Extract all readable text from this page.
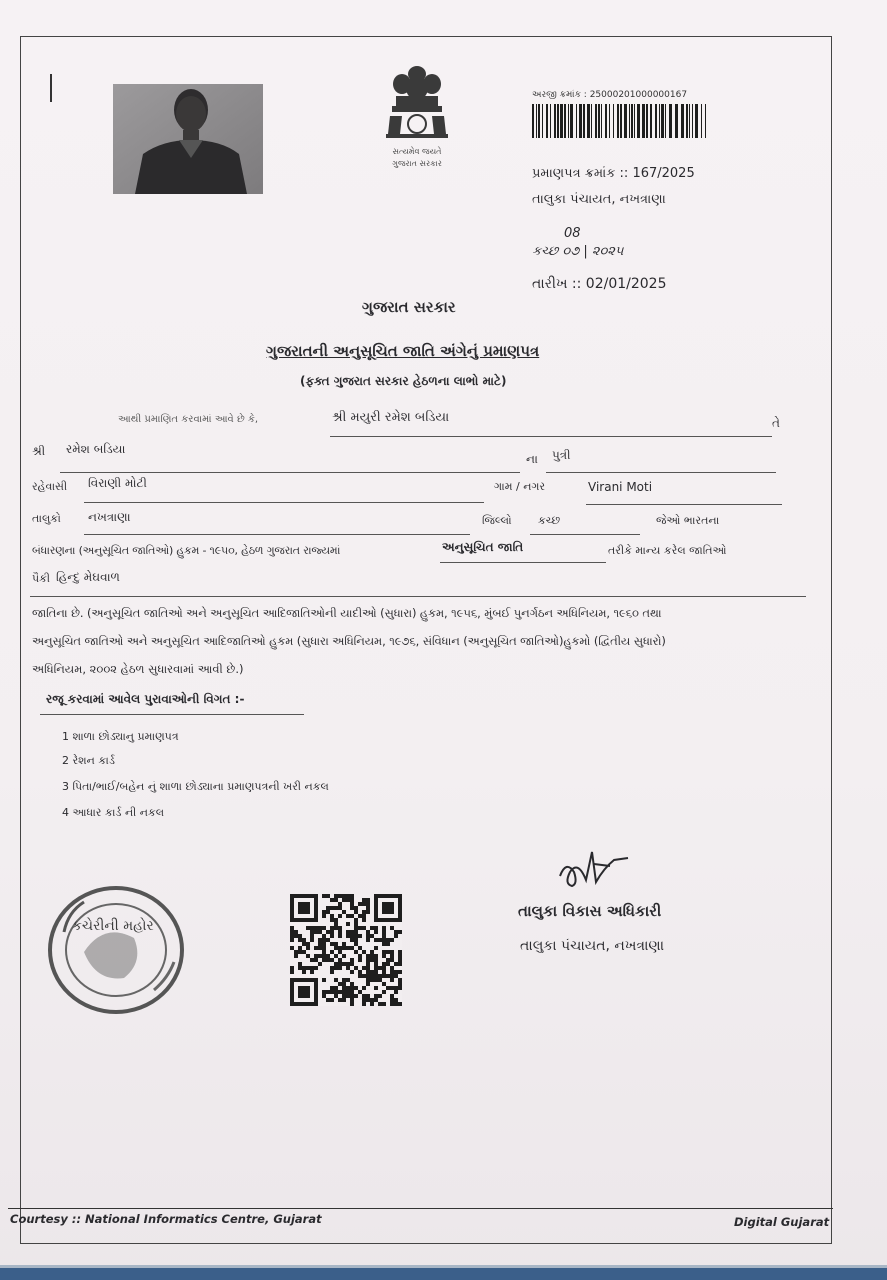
સત્યમેવ જયતે
ગુજરાત સરકાર
અરજી ક્રમાંક : 25000201000000167
પ્રમાણપત્ર ક્રમાંક :: 167/2025
તાલુકા પંચાયત, નખત્રાણા
08
કચ્છ ૦૭ | ૨૦૨૫
તારીખ :: 02/01/2025
ગુજરાત સરકાર
ગુજરાતની અનુસૂચિત જાતિ અંગેનું પ્રમાણપત્ર
(ફક્ત ગુજરાત સરકાર હેઠળના લાભો માટે)
આથી પ્રમાણિત કરવામાં આવે છે કે,	શ્રી મયુરી રમેશ બડિયા	તે
શ્રી રમેશ બડિયા
ના પુત્રી
રહેવાસી વિરાણી મોટી	ગામ / નગર	Virani Moti
તાલુકો નખત્રાણા	જિલ્લો કચ્છ	જેઓ ભારતના
બંધારણના (અનુસૂચિત જાતિઓ) હુકમ - ૧૯૫૦, હેઠળ ગુજરાત રાજ્યમાં	અનુસૂચિત જાતિ	તરીકે માન્ય કરેલ જાતિઓ
પૈકી હિન્દુ મેઘવાળ
જાતિના છે. (અનુસૂચિત જાતિઓ અને અનુસૂચિત આદિજાતિઓની યાદીઓ (સુધારા) હુકમ, ૧૯૫૬, મુંબઈ પુનર્ગઠન અધિનિયમ, ૧૯૬૦ તથા
અનુસૂચિત જાતિઓ અને અનુસૂચિત આદિજાતિઓ હુકમ (સુધારા અધિનિયમ, ૧૯૭૬, સંવિધાન (અનુસૂચિત જાતિઓ)હુકમો (દ્વિતીય સુધારો)
અધિનિયમ, ૨૦૦૨ હેઠળ સુધારવામાં આવી છે.)
રજૂ કરવામાં આવેલ પુરાવાઓની વિગત :-
1 શાળા છોડ્યાનુ પ્રમાણપત્ર
2 રેશન કાર્ડ
3 પિતા/ભાઈ/બહેન નું શાળા છોડ્યાના પ્રમાણપત્રની ખરી નકલ
4 આધાર કાર્ડ ની નકલ
કચેરીની મહોર
તાલુકા વિકાસ અધિકારી
તાલુકા પંચાયત, નખત્રાણા
Courtesy :: National Informatics Centre, Gujarat	Digital Gujarat
